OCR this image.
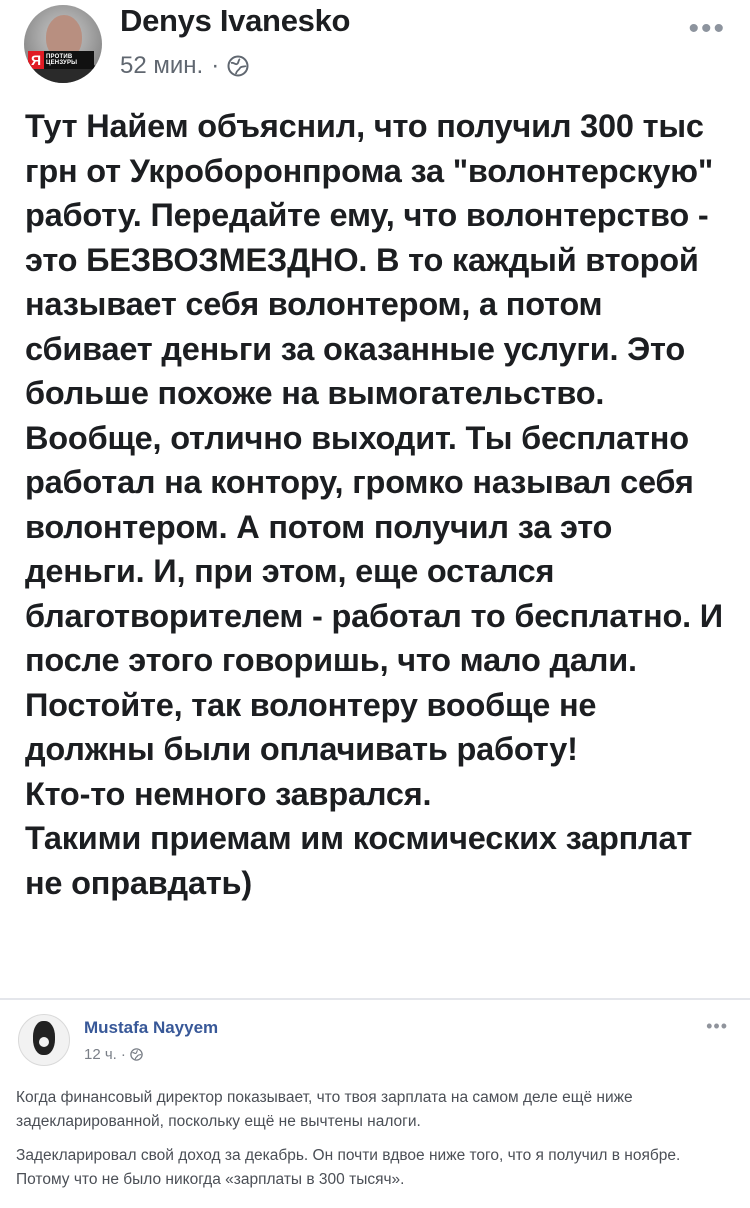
Я ПРОТИВ
ЦЕНЗУРЫ
Denys Ivanesko
52 мин. ·
•••

Тут Найем объяснил, что получил 300 тыс грн от Укроборонпрома за "волонтерскую" работу. Передайте ему, что волонтерство - это БЕЗВОЗМЕЗДНО. В то каждый второй называет себя волонтером, а потом сбивает деньги за оказанные услуги. Это больше похоже на вымогательство.

Вообще, отлично выходит. Ты бесплатно работал на контору, громко называл себя волонтером. А потом получил за это деньги. И, при этом, еще остался благотворителем - работал то бесплатно. И после этого говоришь, что мало дали. Постойте, так волонтеру вообще не должны были оплачивать работу!

Кто-то немного заврался.

Такими приемам им космических зарплат не оправдать)

Mustafa Nayyem
12 ч. ·
•••

Когда финансовый директор показывает, что твоя зарплата на самом деле ещё ниже задекларированной, поскольку ещё не вычтены налоги.

Задекларировал свой доход за декабрь. Он почти вдвое ниже того, что я получил в ноябре. Потому что не было никогда «зарплаты в 300 тысяч».
